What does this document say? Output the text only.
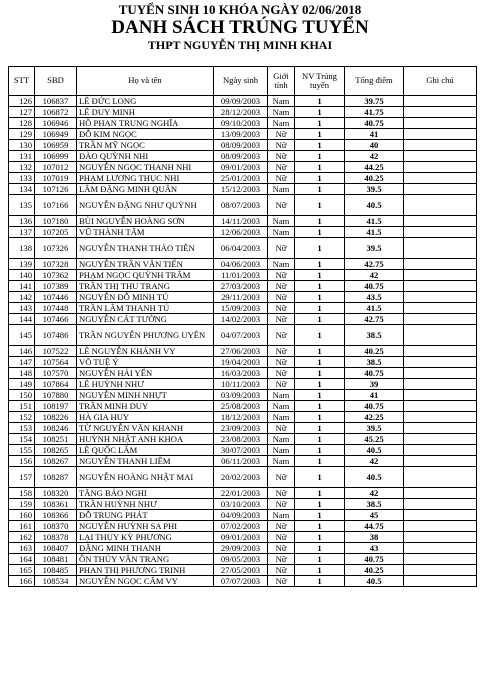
TUYỂN SINH 10 KHÓA NGÀY 02/06/2018
DANH SÁCH TRÚNG TUYỂN
THPT NGUYỄN THỊ MINH KHAI
STT	SBD	Họ và tên	Ngày sinh	Giới tính	NV Trúng tuyển	Tổng điểm	Ghi chú
126	106837	LÊ ĐỨC LONG	09/09/2003	Nam	1	39.75	
127	106872	LÊ DUY MINH	28/12/2003	Nam	1	41.75	
128	106946	HỒ PHAN TRUNG NGHĨA	09/10/2003	Nam	1	40.75	
129	106949	ĐỖ KIM NGỌC	13/09/2003	Nữ	1	41	
130	106959	TRẦN MỸ NGỌC	08/09/2003	Nữ	1	40	
131	106999	ĐÀO QUỲNH NHI	08/09/2003	Nữ	1	42	
132	107012	NGUYỄN NGỌC THANH NHI	09/01/2003	Nữ	1	44.25	
133	107019	PHẠM LƯƠNG THỤC NHI	25/01/2003	Nữ	1	40.25	
134	107126	LÂM ĐẶNG MINH QUÂN	15/12/2003	Nam	1	39.5	
135	107166	NGUYỄN ĐẶNG NHƯ QUỲNH	08/07/2003	Nữ	1	40.5	
136	107180	BÙI NGUYỄN HOÀNG SƠN	14/11/2003	Nam	1	41.5	
137	107205	VŨ THÀNH TÂM	12/06/2003	Nam	1	41.5	
138	107326	NGUYỄN THANH THẢO TIÊN	06/04/2003	Nữ	1	39.5	
139	107328	NGUYỄN TRẦN VĂN TIẾN	04/06/2003	Nam	1	42.75	
140	107362	PHẠM NGỌC QUỲNH TRÂM	11/01/2003	Nữ	1	42	
141	107389	TRẦN THỊ THU TRANG	27/03/2003	Nữ	1	40.75	
142	107446	NGUYỄN ĐỖ MINH TÚ	29/11/2003	Nữ	1	43.5	
143	107448	TRẦN LÂM THANH TÚ	15/09/2003	Nữ	1	41.5	
144	107466	NGUYỄN CÁT TƯỜNG	14/02/2003	Nữ	1	42.75	
145	107486	TRẦN NGUYỄN PHƯƠNG UYÊN	04/07/2003	Nữ	1	38.5	
146	107522	LÊ NGUYỄN KHÁNH VY	27/06/2003	Nữ	1	40.25	
147	107564	VÕ TUỆ Ý	19/04/2003	Nữ	1	38.5	
148	107570	NGUYỄN HẢI YẾN	16/03/2003	Nữ	1	40.75	
149	107864	LÊ HUỲNH NHƯ	10/11/2003	Nữ	1	39	
150	107880	NGUYỄN MINH NHỰT	03/09/2003	Nam	1	41	
151	108197	TRẦN MINH DUY	25/08/2003	Nam	1	40.75	
152	108226	HÀ GIA HUY	18/12/2003	Nam	1	42.25	
153	108246	TỪ NGUYỄN VĂN KHANH	23/09/2003	Nữ	1	39.5	
154	108251	HUỲNH NHẬT ANH KHOA	23/08/2003	Nam	1	45.25	
155	108265	LÊ QUỐC LÂM	30/07/2003	Nam	1	40.5	
156	108267	NGUYỄN THANH LIÊM	06/11/2003	Nam	1	42	
157	108287	NGUYỄN HOÀNG NHẬT MAI	20/02/2003	Nữ	1	40.5	
158	108320	TĂNG BẢO NGHI	22/01/2003	Nữ	1	42	
159	108361	TRẦN HUỲNH NHƯ	03/10/2003	Nữ	1	38.5	
160	108366	ĐỖ TRUNG PHÁT	04/09/2003	Nam	1	45	
161	108370	NGUYỄN HUỲNH SA PHI	07/02/2003	Nữ	1	44.75	
162	108378	LẠI THỤY KỲ PHƯƠNG	09/01/2003	Nữ	1	38	
163	108407	ĐẶNG MINH THANH	29/09/2003	Nữ	1	43	
164	108481	ÔN THỦY VÂN TRANG	09/05/2003	Nữ	1	40.75	
165	108485	PHAN THỊ PHƯƠNG TRINH	27/05/2003	Nữ	1	40.25	
166	108534	NGUYỄN NGỌC CẨM VY	07/07/2003	Nữ	1	40.5	
